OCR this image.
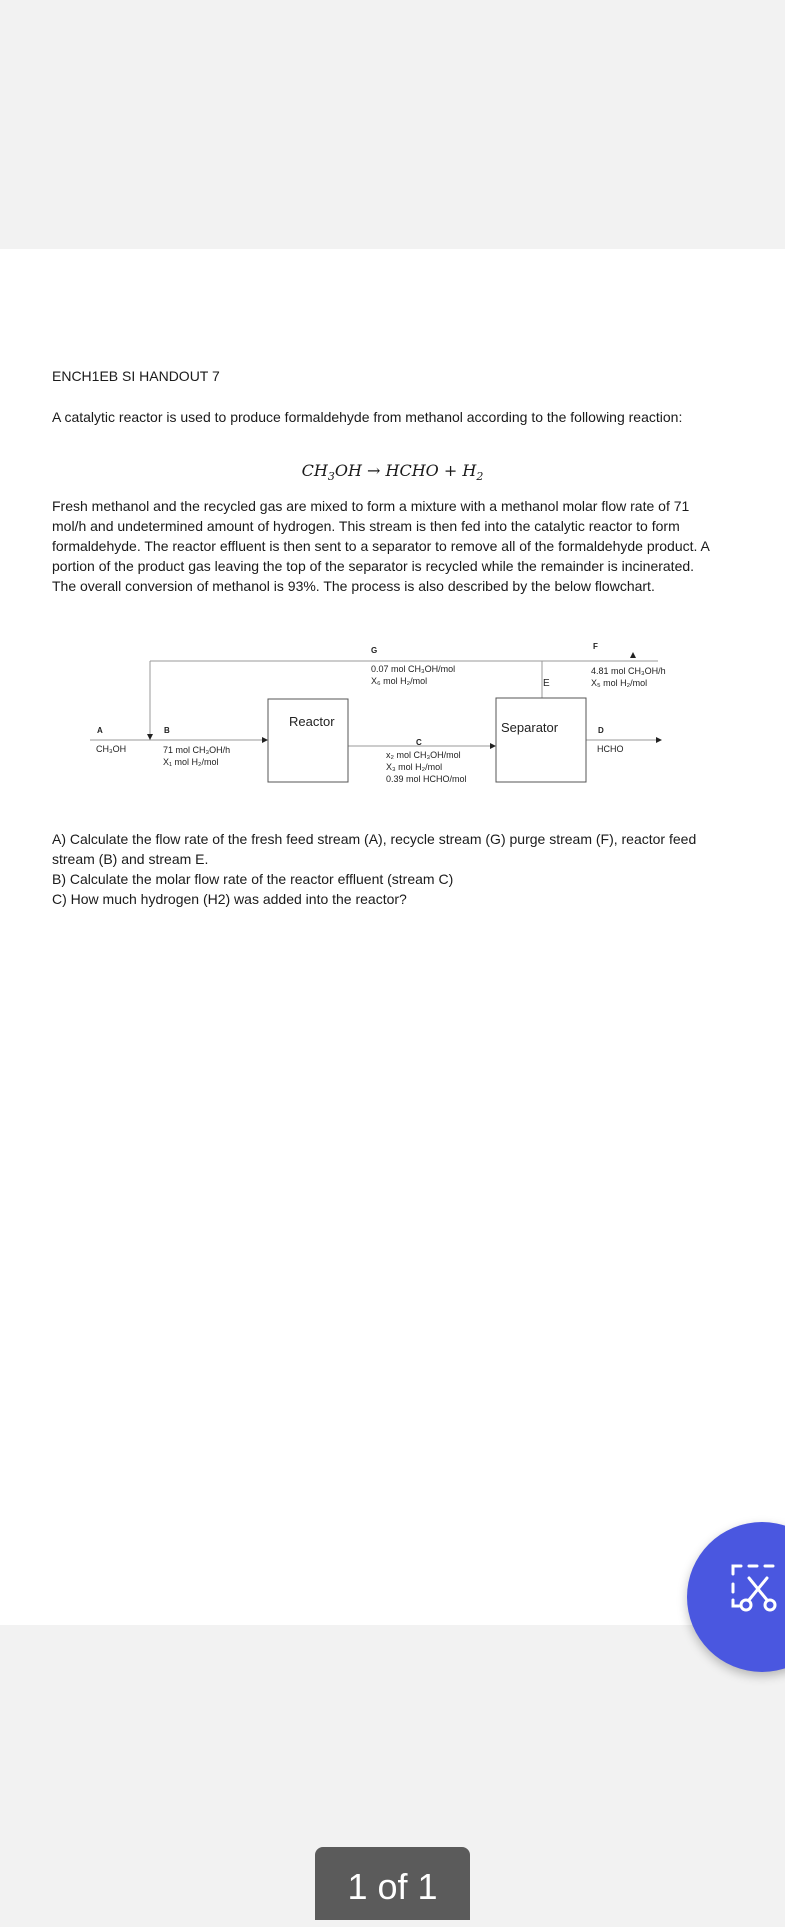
ENCH1EB SI HANDOUT 7

A catalytic reactor is used to produce formaldehyde from methanol according to the following reaction:

$CH_3OH$ → HCHO + $H_2$

Fresh methanol and the recycled gas are mixed to form a mixture with a methanol molar flow rate of 71 mol/h and undetermined amount of hydrogen. This stream is then fed into the catalytic reactor to form formaldehyde. The reactor effluent is then sent to a separator to remove all of the formaldehyde product. A portion of the product gas leaving the top of the separator is recycled while the remainder is incinerated. The overall conversion of methanol is 93%. The process is also described by the below flowchart.

Reactor	Separator
A
CH₃OH
B
71 mol CH₃OH/h
X₁ mol H₂/mol
C
x₂ mol CH₃OH/mol
X₃ mol H₂/mol
0.39 mol HCHO/mol
D
HCHO
E
F
4.81 mol CH₃OH/h
X₅ mol H₂/mol
G
0.07 mol CH₃OH/mol
X₆ mol H₂/mol

A) Calculate the flow rate of the fresh feed stream (A), recycle stream (G) purge stream (F), reactor feed stream (B) and stream E.

B) Calculate the molar flow rate of the reactor effluent (stream C)

C) How much hydrogen (H2) was added into the reactor?

1 of 1
